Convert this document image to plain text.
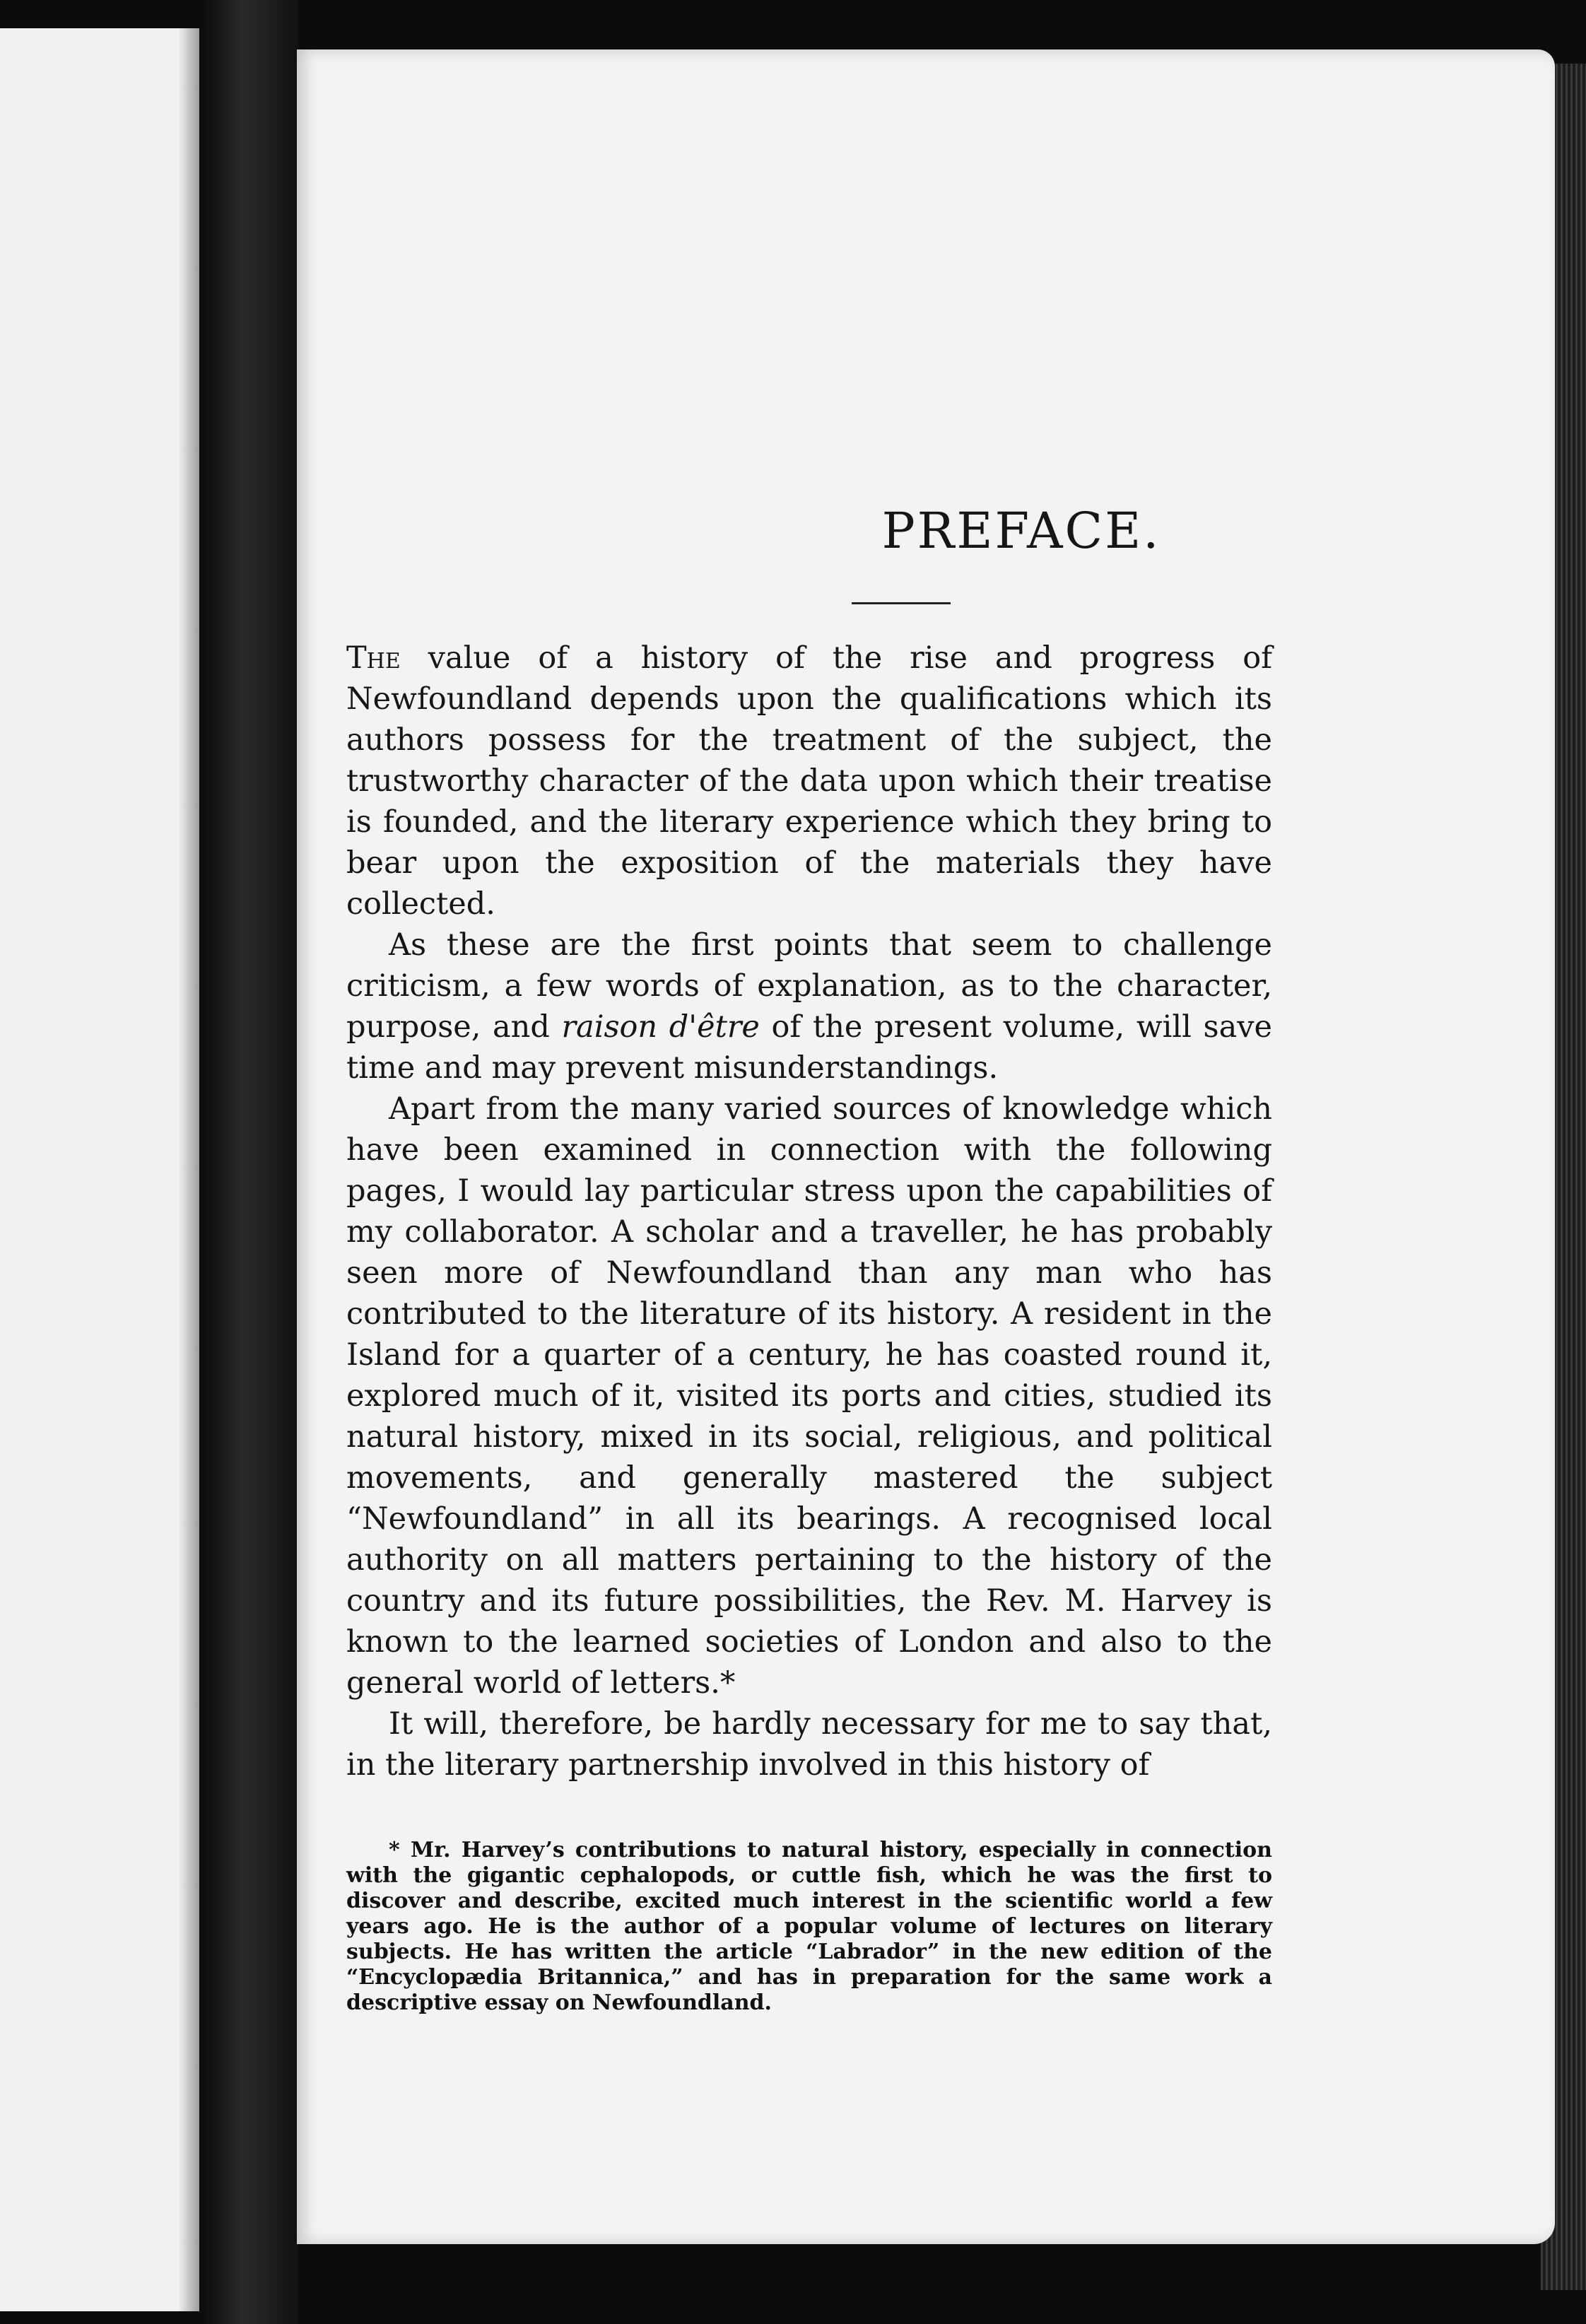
PREFACE.

The value of a history of the rise and progress of Newfoundland depends upon the qualifications which its authors possess for the treatment of the subject, the trustworthy character of the data upon which their treatise is founded, and the literary experience which they bring to bear upon the exposition of the materials they have collected.

As these are the first points that seem to challenge criticism, a few words of explanation, as to the character, purpose, and raison d'être of the present volume, will save time and may prevent misunderstandings.

Apart from the many varied sources of knowledge which have been examined in connection with the following pages, I would lay particular stress upon the capabilities of my collaborator. A scholar and a traveller, he has probably seen more of Newfoundland than any man who has contributed to the literature of its history. A resident in the Island for a quarter of a century, he has coasted round it, explored much of it, visited its ports and cities, studied its natural history, mixed in its social, religious, and political movements, and generally mastered the subject “Newfoundland” in all its bearings. A recognised local authority on all matters pertaining to the history of the country and its future possibilities, the Rev. M. Harvey is known to the learned societies of London and also to the general world of letters.*

It will, therefore, be hardly necessary for me to say that, in the literary partnership involved in this history of

* Mr. Harvey’s contributions to natural history, especially in connection with the gigantic cephalopods, or cuttle fish, which he was the first to discover and describe, excited much interest in the scientific world a few years ago. He is the author of a popular volume of lectures on literary subjects. He has written the article “Labrador” in the new edition of the “Encyclopædia Britannica,” and has in preparation for the same work a descriptive essay on Newfoundland.
